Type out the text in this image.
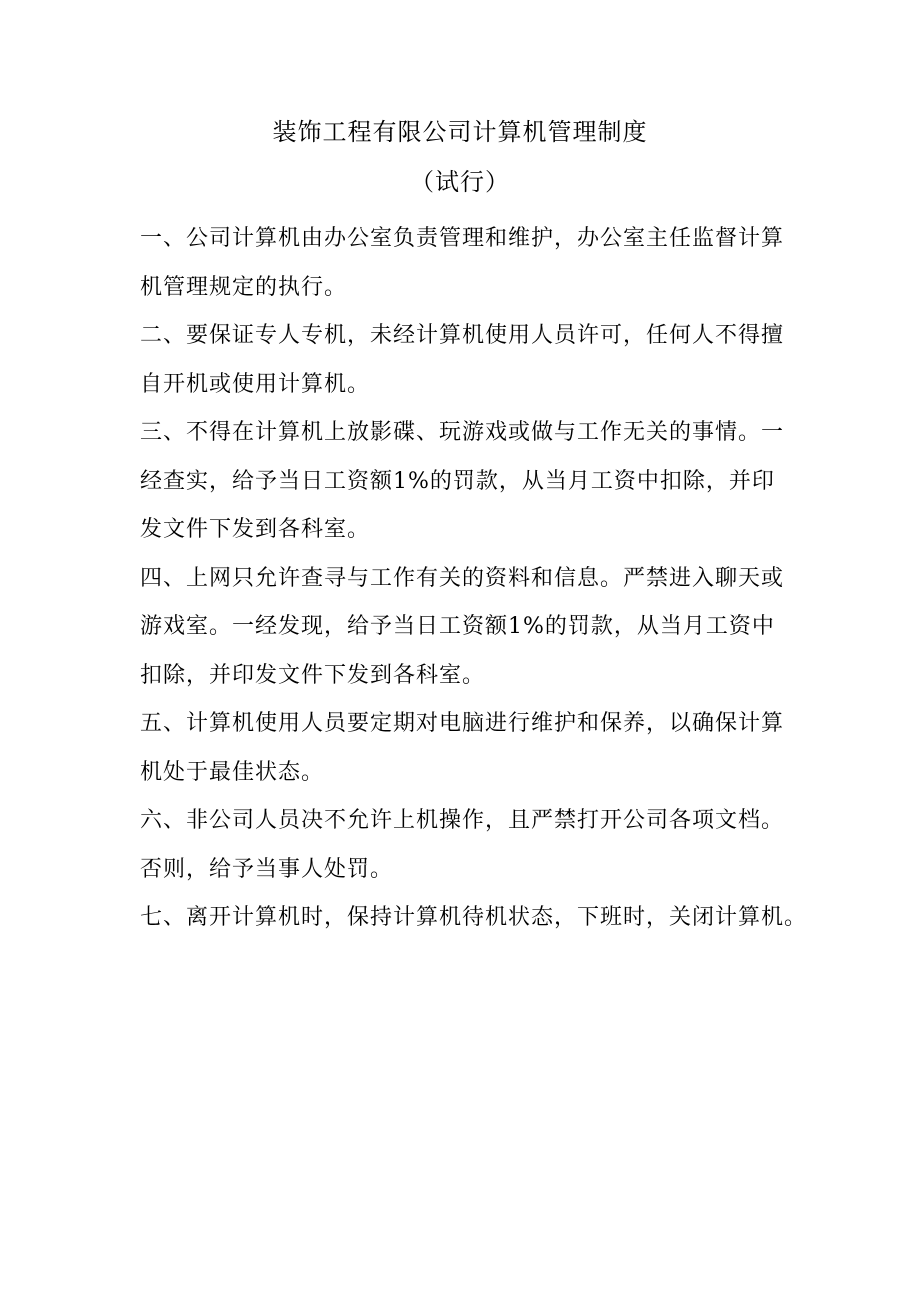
装饰工程有限公司计算机管理制度
（试行）

一、公司计算机由办公室负责管理和维护，办公室主任监督计算
机管理规定的执行。

二、要保证专人专机，未经计算机使用人员许可，任何人不得擅
自开机或使用计算机。

三、不得在计算机上放影碟、玩游戏或做与工作无关的事情。一
经查实，给予当日工资额1%的罚款，从当月工资中扣除，并印
发文件下发到各科室。

四、上网只允许查寻与工作有关的资料和信息。严禁进入聊天或
游戏室。一经发现，给予当日工资额1%的罚款，从当月工资中
扣除，并印发文件下发到各科室。

五、计算机使用人员要定期对电脑进行维护和保养，以确保计算
机处于最佳状态。

六、非公司人员决不允许上机操作，且严禁打开公司各项文档。
否则，给予当事人处罚。

七、离开计算机时，保持计算机待机状态，下班时，关闭计算机。
